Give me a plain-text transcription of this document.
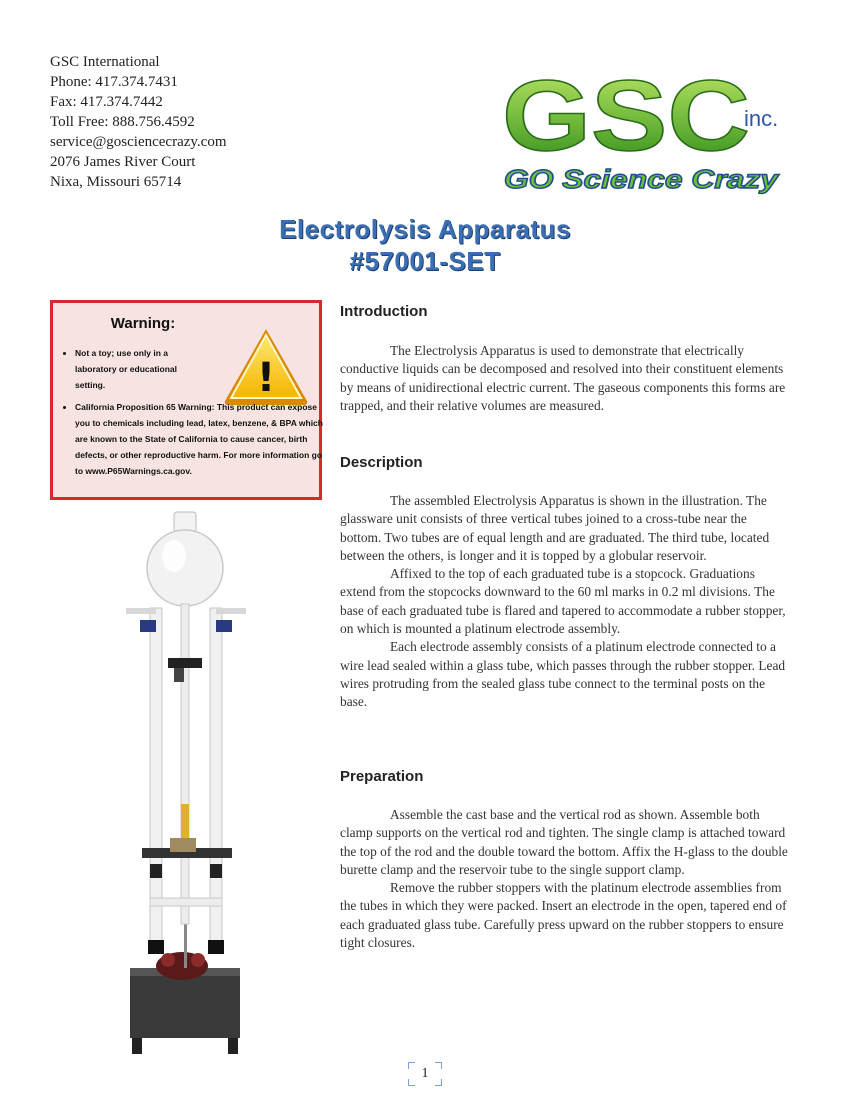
GSC International
Phone: 417.374.7431
Fax: 417.374.7442
Toll Free: 888.756.4592
service@gosciencecrazy.com
2076 James River Court
Nixa, Missouri 65714
GSC
inc.
GO Science Crazy
Electrolysis Apparatus
#57001-SET
Warning:
!
• Not a toy; use only in a laboratory or educational setting.
• California Proposition 65 Warning: This product can expose you to chemicals including lead, latex, benzene, & BPA which are known to the State of California to cause cancer, birth defects, or other reproductive harm. For more information go to www.P65Warnings.ca.gov.
Introduction

The Electrolysis Apparatus is used to demonstrate that electrically conductive liquids can be decomposed and resolved into their constituent elements by means of unidirectional electric current. The gaseous components this forms are trapped, and their relative volumes are measured.

Description

The assembled Electrolysis Apparatus is shown in the illustration. The glassware unit consists of three vertical tubes joined to a cross-tube near the bottom. Two tubes are of equal length and are graduated. The third tube, located between the others, is longer and it is topped by a globular reservoir.

Affixed to the top of each graduated tube is a stopcock. Graduations extend from the stopcocks downward to the 60 ml marks in 0.2 ml divisions. The base of each graduated tube is flared and tapered to accommodate a rubber stopper, on which is mounted a platinum electrode assembly.

Each electrode assembly consists of a platinum electrode connected to a wire lead sealed within a glass tube, which passes through the rubber stopper. Lead wires protruding from the sealed glass tube connect to the terminal posts on the base.

Preparation

Assemble the cast base and the vertical rod as shown. Assemble both clamp supports on the vertical rod and tighten. The single clamp is attached toward the top of the rod and the double toward the bottom. Affix the H-glass to the double burette clamp and the reservoir tube to the single support clamp.

Remove the rubber stoppers with the platinum electrode assemblies from the tubes in which they were packed. Insert an electrode in the open, tapered end of each graduated glass tube. Carefully press upward on the rubber stoppers to ensure tight closures.

1
